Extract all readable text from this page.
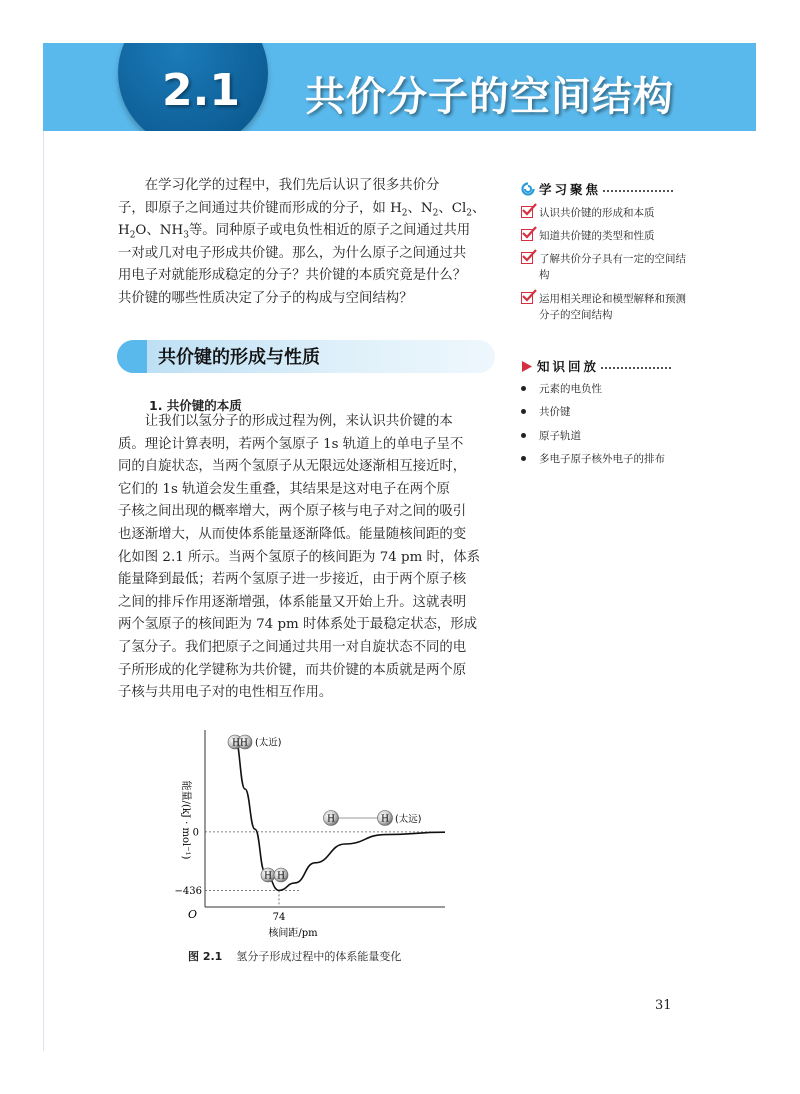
2.1 共价分子的空间结构

在学习化学的过程中，我们先后认识了很多共价分
子，即原子之间通过共价键而形成的分子，如 $H_2$、$N_2$、$Cl_2$、
$H_2O$、$NH_3$等。同种原子或电负性相近的原子之间通过共用
一对或几对电子形成共价键。那么，为什么原子之间通过共
用电子对就能形成稳定的分子？共价键的本质究竟是什么？
共价键的哪些性质决定了分子的构成与空间结构？

共价键的形成与性质
1. 共价键的本质

让我们以氢分子的形成过程为例，来认识共价键的本
质。理论计算表明，若两个氢原子 1s 轨道上的单电子呈不
同的自旋状态，当两个氢原子从无限远处逐渐相互接近时，
它们的 1s 轨道会发生重叠，其结果是这对电子在两个原
子核之间出现的概率增大，两个原子核与电子对之间的吸引
也逐渐增大，从而使体系能量逐渐降低。能量随核间距的变
化如图 2.1 所示。当两个氢原子的核间距为 74 pm 时，体系
能量降到最低；若两个氢原子进一步接近，由于两个原子核
之间的排斥作用逐渐增强，体系能量又开始上升。这就表明
两个氢原子的核间距为 74 pm 时体系处于最稳定状态，形成
了氢分子。我们把原子之间通过共用一对自旋状态不同的电
子所形成的化学键称为共价键，而共价键的本质就是两个原
子核与共用电子对的电性相互作用。

学习聚焦
认识共价键的形成和本质
知道共价键的类型和性质
了解共价分子具有一定的空间结构
运用相关理论和模型解释和预测分子的空间结构
知识回放
元素的电负性
共价键
原子轨道
多电子原子核外电子的排布
0
−436
74
O
核间距/pm
能量/(kJ · mol⁻¹)
HH (太近)
H H
H	H (太远)
图 2.1 氢分子形成过程中的体系能量变化
31
